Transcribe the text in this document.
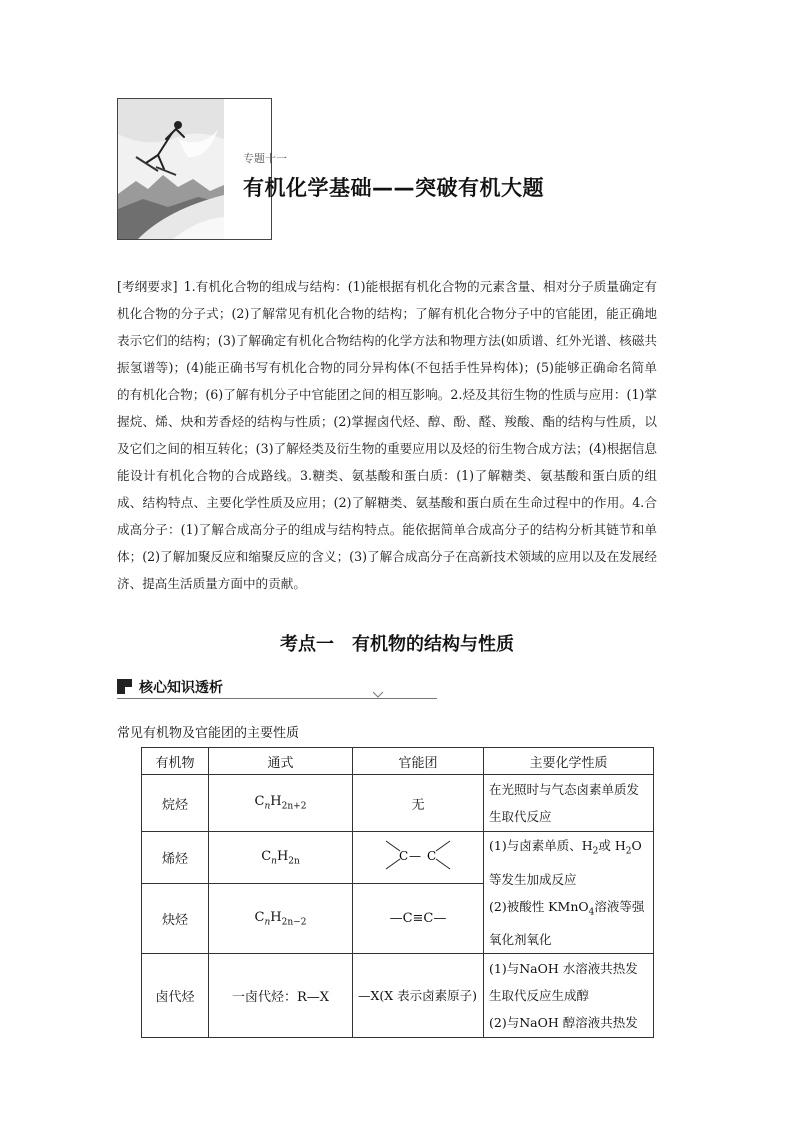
专题十一
有机化学基础——突破有机大题
[考纲要求] 1.有机化合物的组成与结构：(1)能根据有机化合物的元素含量、相对分子质量确定有机化合物的分子式；(2)了解常见有机化合物的结构；了解有机化合物分子中的官能团，能正确地表示它们的结构；(3)了解确定有机化合物结构的化学方法和物理方法(如质谱、红外光谱、核磁共振氢谱等)；(4)能正确书写有机化合物的同分异构体(不包括手性异构体)；(5)能够正确命名简单的有机化合物；(6)了解有机分子中官能团之间的相互影响。2.烃及其衍生物的性质与应用：(1)掌握烷、烯、炔和芳香烃的结构与性质；(2)掌握卤代烃、醇、酚、醛、羧酸、酯的结构与性质，以及它们之间的相互转化；(3)了解烃类及衍生物的重要应用以及烃的衍生物合成方法；(4)根据信息能设计有机化合物的合成路线。3.糖类、氨基酸和蛋白质：(1)了解糖类、氨基酸和蛋白质的组成、结构特点、主要化学性质及应用；(2)了解糖类、氨基酸和蛋白质在生命过程中的作用。4.合成高分子：(1)了解合成高分子的组成与结构特点。能依据简单合成高分子的结构分析其链节和单体；(2)了解加聚反应和缩聚反应的含义；(3)了解合成高分子在高新技术领域的应用以及在发展经济、提高生活质量方面中的贡献。
考点一　有机物的结构与性质
核心知识透析
常见有机物及官能团的主要性质
有机物	通式	官能团	主要化学性质
烷烃	$C_nH_{2n+2}$	无	在光照时与气态卤素单质发生取代反应
烯烃	$C_nH_{2n}$	C — C	(1)与卤素单质、$H_2$或 $H_2O$等发生加成反应
(2)被酸性 KMnO$_4$溶液等强氧化剂氧化
炔烃	$C_nH_{2n-2}$	—C≡C—	
卤代烃	一卤代烃：R—X	—X(X 表示卤素原子)	(1)与NaOH 水溶液共热发生取代反应生成醇
(2)与NaOH 醇溶液共热发
